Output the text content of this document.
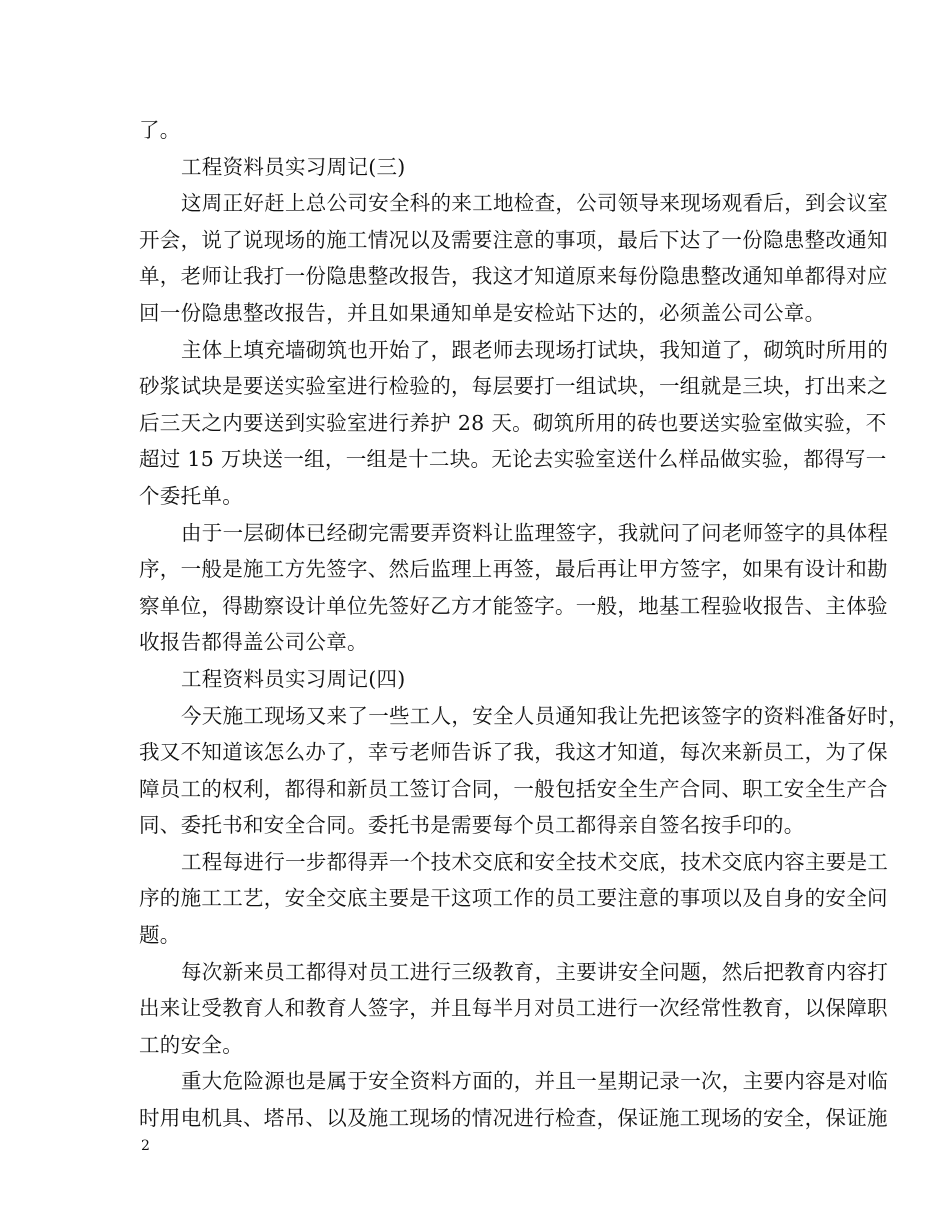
了。
工程资料员实习周记(三)
这周正好赶上总公司安全科的来工地检查，公司领导来现场观看后，到会议室
开会，说了说现场的施工情况以及需要注意的事项，最后下达了一份隐患整改通知
单，老师让我打一份隐患整改报告，我这才知道原来每份隐患整改通知单都得对应
回一份隐患整改报告，并且如果通知单是安检站下达的，必须盖公司公章。
主体上填充墙砌筑也开始了，跟老师去现场打试块，我知道了，砌筑时所用的
砂浆试块是要送实验室进行检验的，每层要打一组试块，一组就是三块，打出来之
后三天之内要送到实验室进行养护 28 天。砌筑所用的砖也要送实验室做实验，不
超过 15 万块送一组，一组是十二块。无论去实验室送什么样品做实验，都得写一
个委托单。
由于一层砌体已经砌完需要弄资料让监理签字，我就问了问老师签字的具体程
序，一般是施工方先签字、然后监理上再签，最后再让甲方签字，如果有设计和勘
察单位，得勘察设计单位先签好乙方才能签字。一般，地基工程验收报告、主体验
收报告都得盖公司公章。
工程资料员实习周记(四)
今天施工现场又来了一些工人，安全人员通知我让先把该签字的资料准备好时，
我又不知道该怎么办了，幸亏老师告诉了我，我这才知道，每次来新员工，为了保
障员工的权利，都得和新员工签订合同，一般包括安全生产合同、职工安全生产合
同、委托书和安全合同。委托书是需要每个员工都得亲自签名按手印的。
工程每进行一步都得弄一个技术交底和安全技术交底，技术交底内容主要是工
序的施工工艺，安全交底主要是干这项工作的员工要注意的事项以及自身的安全问
题。
每次新来员工都得对员工进行三级教育，主要讲安全问题，然后把教育内容打
出来让受教育人和教育人签字，并且每半月对员工进行一次经常性教育，以保障职
工的安全。
重大危险源也是属于安全资料方面的，并且一星期记录一次，主要内容是对临
时用电机具、塔吊、以及施工现场的情况进行检查，保证施工现场的安全，保证施
2
